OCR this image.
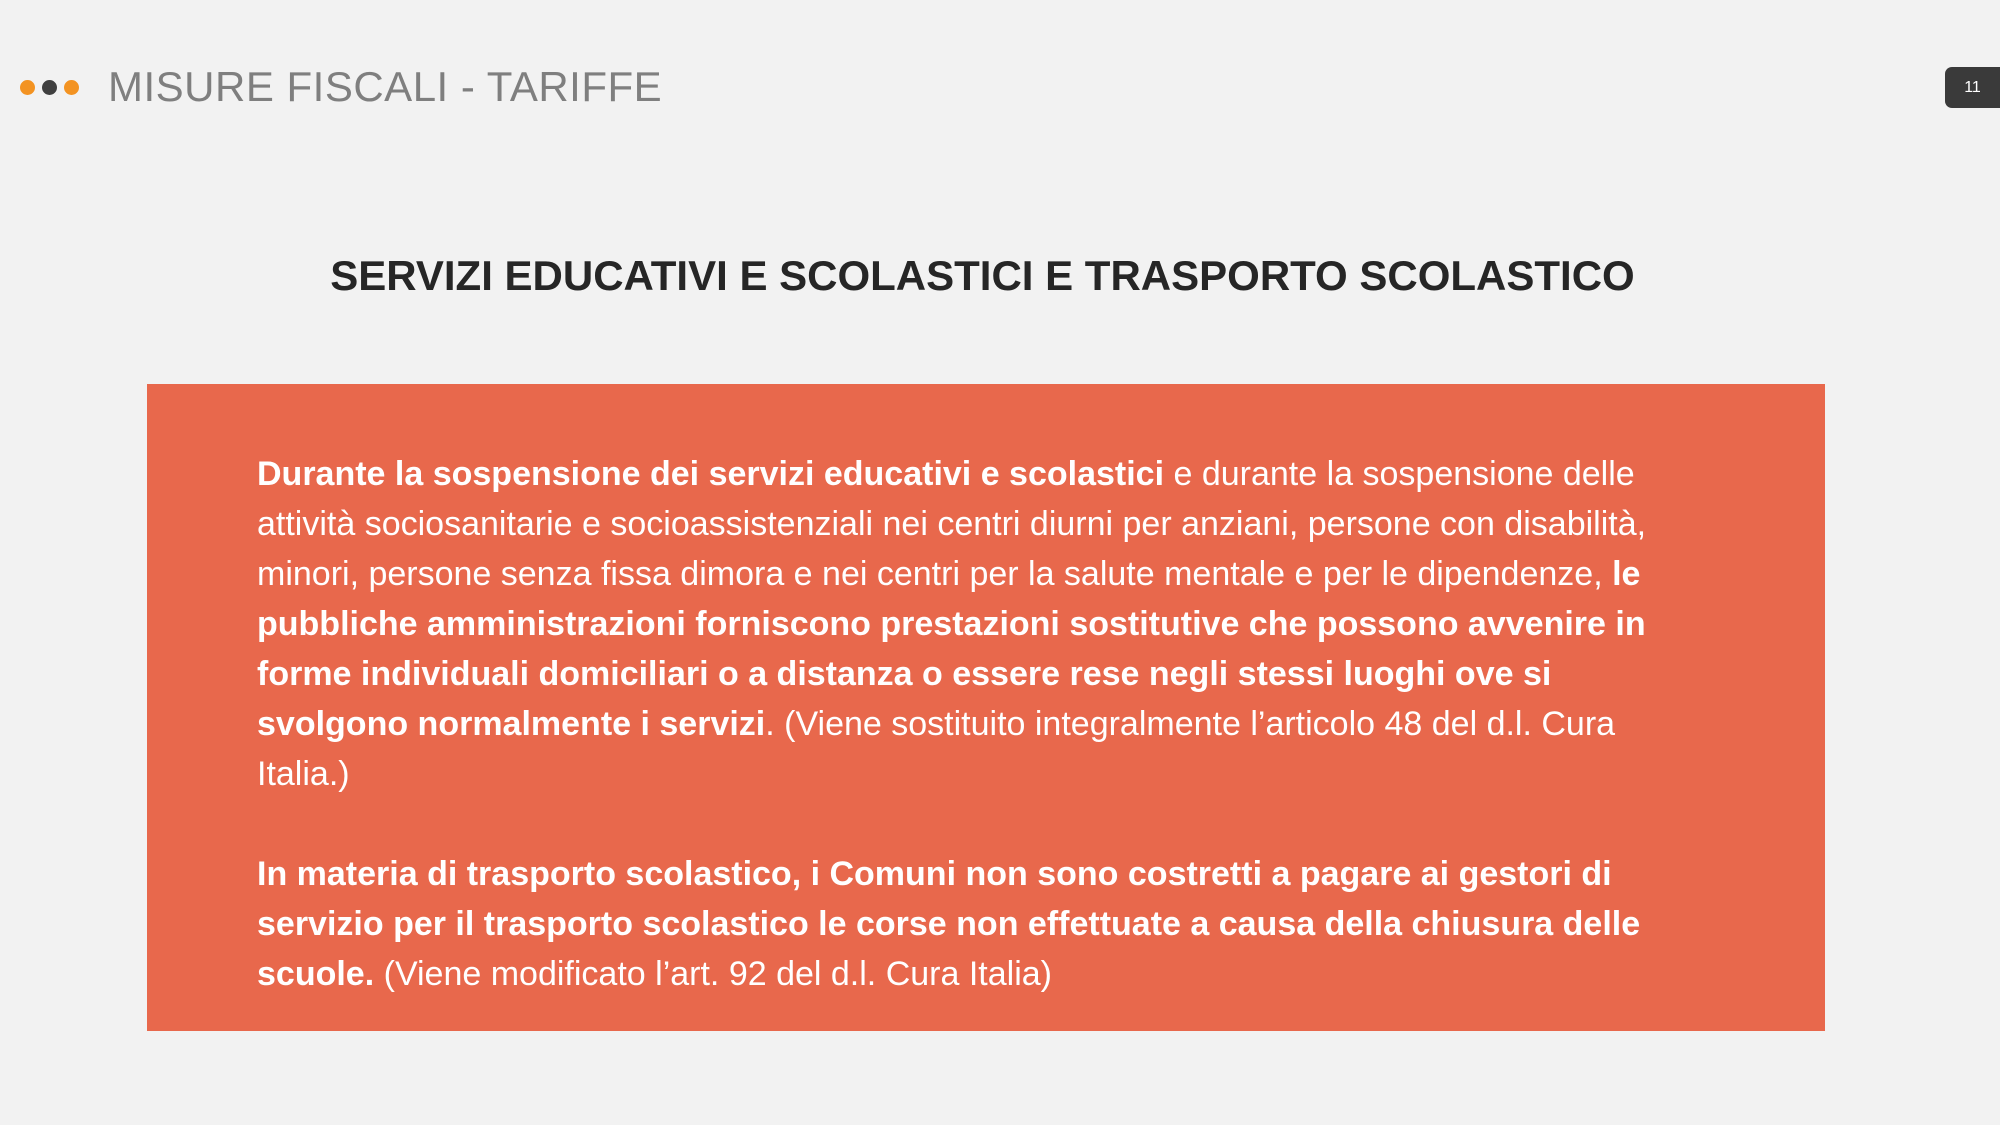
MISURE FISCALI - TARIFFE	11
SERVIZI EDUCATIVI E SCOLASTICI E TRASPORTO SCOLASTICO

Durante la sospensione dei servizi educativi e scolastici e durante la sospensione delle attività sociosanitarie e socioassistenziali nei centri diurni per anziani, persone con disabilità, minori, persone senza fissa dimora e nei centri per la salute mentale e per le dipendenze, le pubbliche amministrazioni forniscono prestazioni sostitutive che possono avvenire in forme individuali domiciliari o a distanza o essere rese negli stessi luoghi ove si svolgono normalmente i servizi. (Viene sostituito integralmente l’articolo 48 del d.l. Cura Italia.)

In materia di trasporto scolastico, i Comuni non sono costretti a pagare ai gestori di servizio per il trasporto scolastico le corse non effettuate a causa della chiusura delle scuole. (Viene modificato l’art. 92 del d.l. Cura Italia)
